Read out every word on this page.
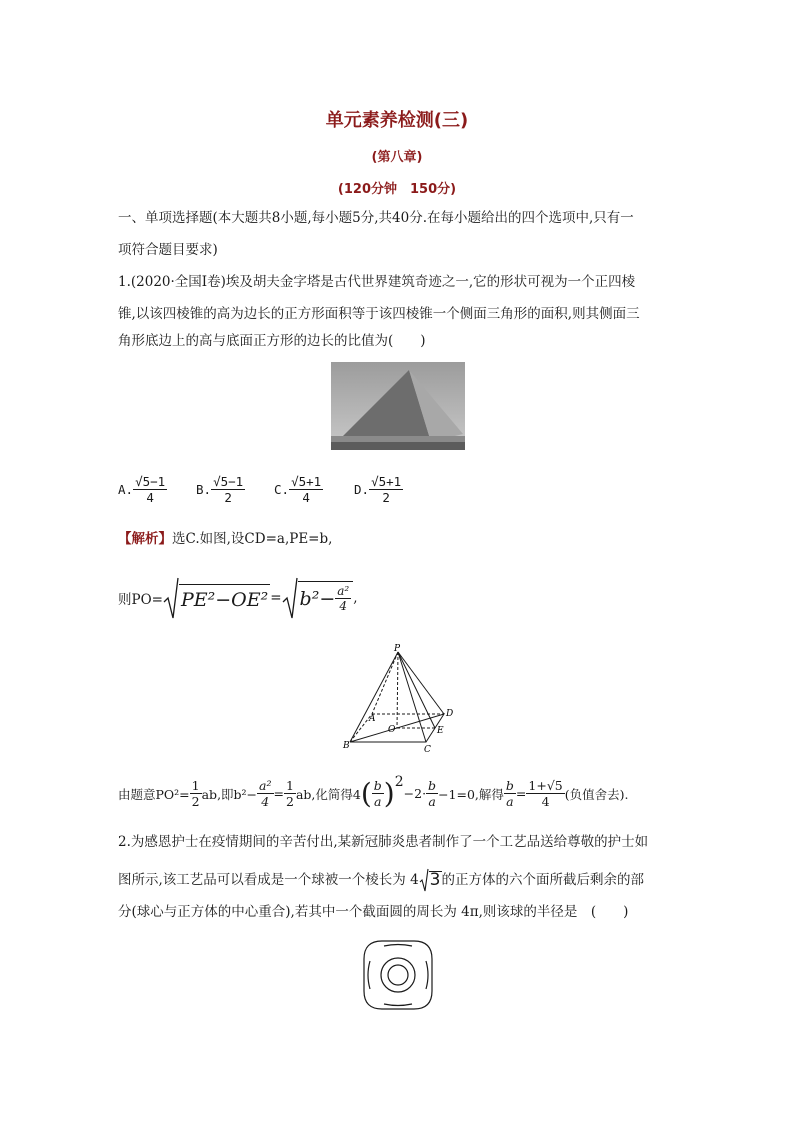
单元素养检测(三)
(第八章)
(120分钟　150分)
一、单项选择题(本大题共8小题,每小题5分,共40分.在每小题给出的四个选项中,只有一
项符合题目要求)
1.(2020·全国Ⅰ卷)埃及胡夫金字塔是古代世界建筑奇迹之一,它的形状可视为一个正四棱
锥,以该四棱锥的高为边长的正方形面积等于该四棱锥一个侧面三角形的面积,则其侧面三
角形底边上的高与底面正方形的边长的比值为(　　)
A. $\frac{√5-1}{4} B$. $\frac{√5-1}{2} C$. $\frac{√5+1}{4} D$. $\frac{√5+1}{2}$
【解析】选C.如图,设CD=a,PE=b,
则$PO= PE^2-OE^2 = b^2- \frac{\text{a²}}{4}$ ,
P
A	D
O	E
B	C
由题意$PO^2= \frac{1}{2}$ ab,即$b^2- \frac{\text{a²}}{4} = \frac{1}{2}$ ab,化简得4 ( $\frac{b}{a}$ ) 2
$-2\cdot \frac{b}{a} -1=0$,解得 $\frac{b}{a} = \frac{1+√5}{4}$ (负值舍去).
2.为感恩护士在疫情期间的辛苦付出,某新冠肺炎患者制作了一个工艺品送给尊敬的护士如
图所示,该工艺品可以看成是一个球被一个棱长为 4 3 的正方体的六个面所截后剩余的部
分(球心与正方体的中心重合),若其中一个截面圆的周长为 4π,则该球的半径是　(　　)
